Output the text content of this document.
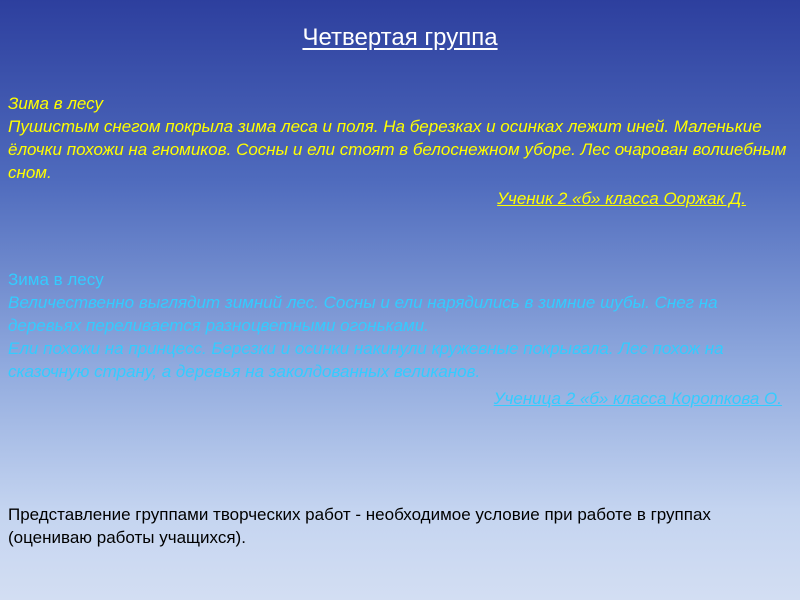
Четвертая группа
Зима в лесу
Пушистым снегом покрыла зима леса и поля. На березках и осинках лежит иней. Маленькие ёлочки похожи на гномиков. Сосны и ели стоят в белоснежном уборе. Лес очарован волшебным сном.
Ученик 2 «б» класса Ооржак Д.
Зима в лесу
Величественно выглядит зимний лес. Сосны и ели нарядились в зимние шубы. Снег на деревьях переливается разноцветными огоньками.
Ели похожи на принцесс. Березки и осинки накинули кружевные покрывала. Лес похож на сказочную страну, а деревья на заколдованных великанов.
Ученица 2 «б» класса Короткова О.
Представление группами творческих работ - необходимое условие при работе в группах (оцениваю работы учащихся).
